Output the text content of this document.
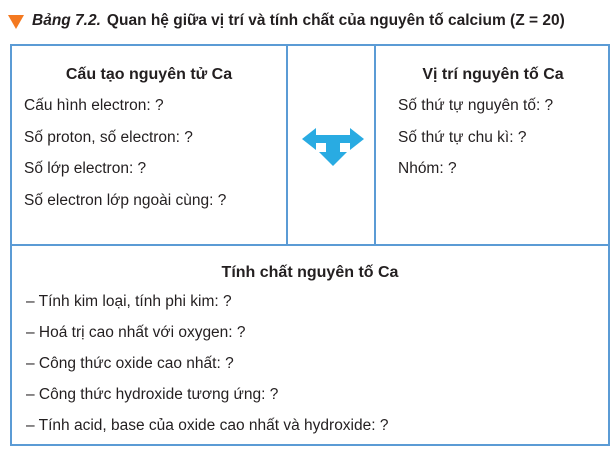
Bảng 7.2. Quan hệ giữa vị trí và tính chất của nguyên tố calcium (Z = 20)
Cấu tạo nguyên tử Ca
Cấu hình electron: ?
Số proton, số electron: ?
Số lớp electron: ?
Số electron lớp ngoài cùng: ?
Vị trí nguyên tố Ca
Số thứ tự nguyên tố: ?
Số thứ tự chu kì: ?
Nhóm: ?
Tính chất nguyên tố Ca
– Tính kim loại, tính phi kim: ?
– Hoá trị cao nhất với oxygen: ?
– Công thức oxide cao nhất: ?
– Công thức hydroxide tương ứng: ?
– Tính acid, base của oxide cao nhất và hydroxide: ?
